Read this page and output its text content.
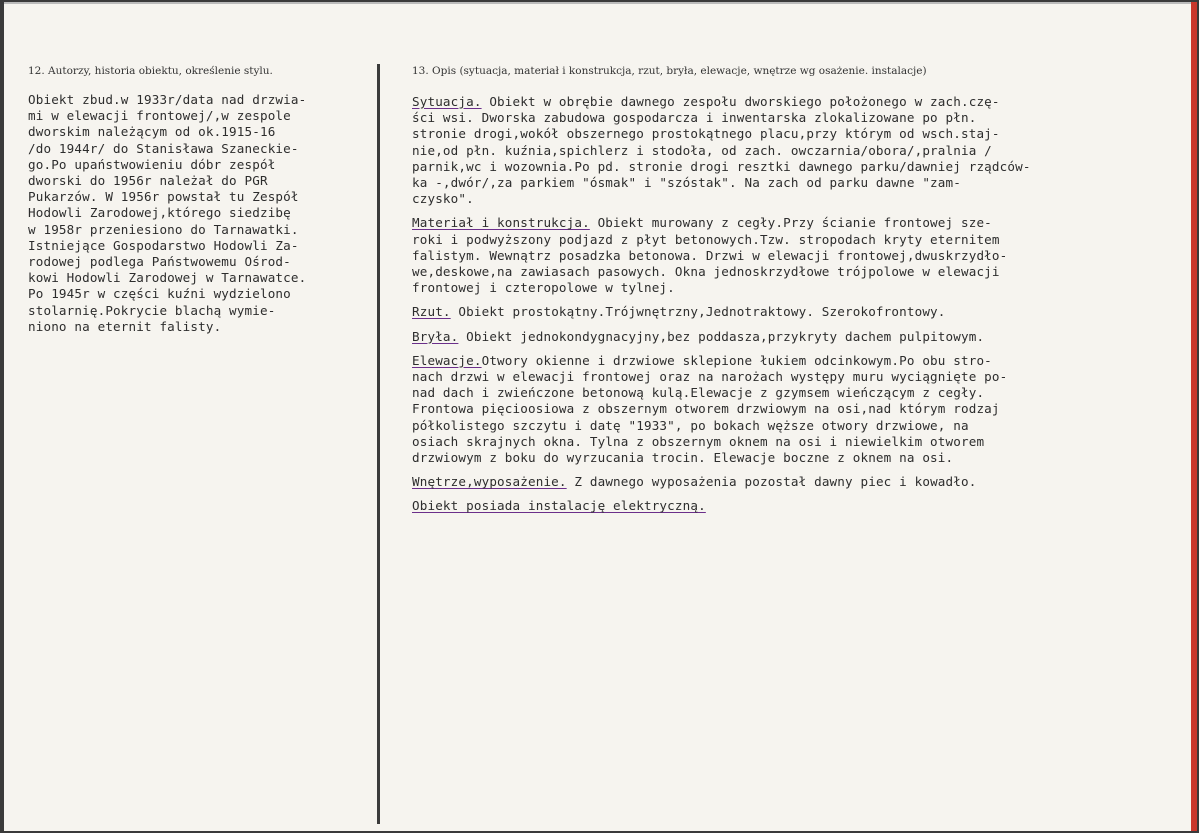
12. Autorzy, historia obiektu, określenie stylu.	13. Opis (sytuacja, materiał i konstrukcja, rzut, bryła, elewacje, wnętrze wg osażenie. instalacje)
Obiekt zbud.w 1933r/data nad drzwia-
mi w elewacji frontowej/,w zespole
dworskim należącym od ok.1915-16
/do 1944r/ do Stanisława Szaneckie-
go.Po upaństwowieniu dóbr zespół
dworski do 1956r należał do PGR
Pukarzów. W 1956r powstał tu Zespół
Hodowli Zarodowej,którego siedzibę
w 1958r przeniesiono do Tarnawatki.
Istniejące Gospodarstwo Hodowli Za-
rodowej podlega Państwowemu Ośrod-
kowi Hodowli Zarodowej w Tarnawatce.
Po 1945r w części kuźni wydzielono
stolarnię.Pokrycie blachą wymie-
niono na eternit falisty.
Sytuacja. Obiekt w obrębie dawnego zespołu dworskiego położonego w zach.czę-
ści wsi. Dworska zabudowa gospodarcza i inwentarska zlokalizowane po płn.
stronie drogi,wokół obszernego prostokątnego placu,przy którym od wsch.staj-
nie,od płn. kuźnia,spichlerz i stodoła, od zach. owczarnia/obora/,pralnia /
parnik,wc i wozownia.Po pd. stronie drogi resztki dawnego parku/dawniej rządców-
ka -,dwór/,za parkiem "ósmak" i "szóstak". Na zach od parku dawne "zam-
czysko".
Materiał i konstrukcja. Obiekt murowany z cegły.Przy ścianie frontowej sze-
roki i podwyższony podjazd z płyt betonowych.Tzw. stropodach kryty eternitem
falistym. Wewnątrz posadzka betonowa. Drzwi w elewacji frontowej,dwuskrzydło-
we,deskowe,na zawiasach pasowych. Okna jednoskrzydłowe trójpolowe w elewacji
frontowej i czteropolowe w tylnej.
Rzut. Obiekt prostokątny.Trójwnętrzny,Jednotraktowy. Szerokofrontowy.
Bryła. Obiekt jednokondygnacyjny,bez poddasza,przykryty dachem pulpitowym.
Elewacje.Otwory okienne i drzwiowe sklepione łukiem odcinkowym.Po obu stro-
nach drzwi w elewacji frontowej oraz na narożach występy muru wyciągnięte po-
nad dach i zwieńczone betonową kulą.Elewacje z gzymsem wieńczącym z cegły.
Frontowa pięcioosiowa z obszernym otworem drzwiowym na osi,nad którym rodzaj
półkolistego szczytu i datę "1933", po bokach węższe otwory drzwiowe, na
osiach skrajnych okna. Tylna z obszernym oknem na osi i niewielkim otworem
drzwiowym z boku do wyrzucania trocin. Elewacje boczne z oknem na osi.
Wnętrze,wyposażenie. Z dawnego wyposażenia pozostał dawny piec i kowadło.
Obiekt posiada instalację elektryczną.
